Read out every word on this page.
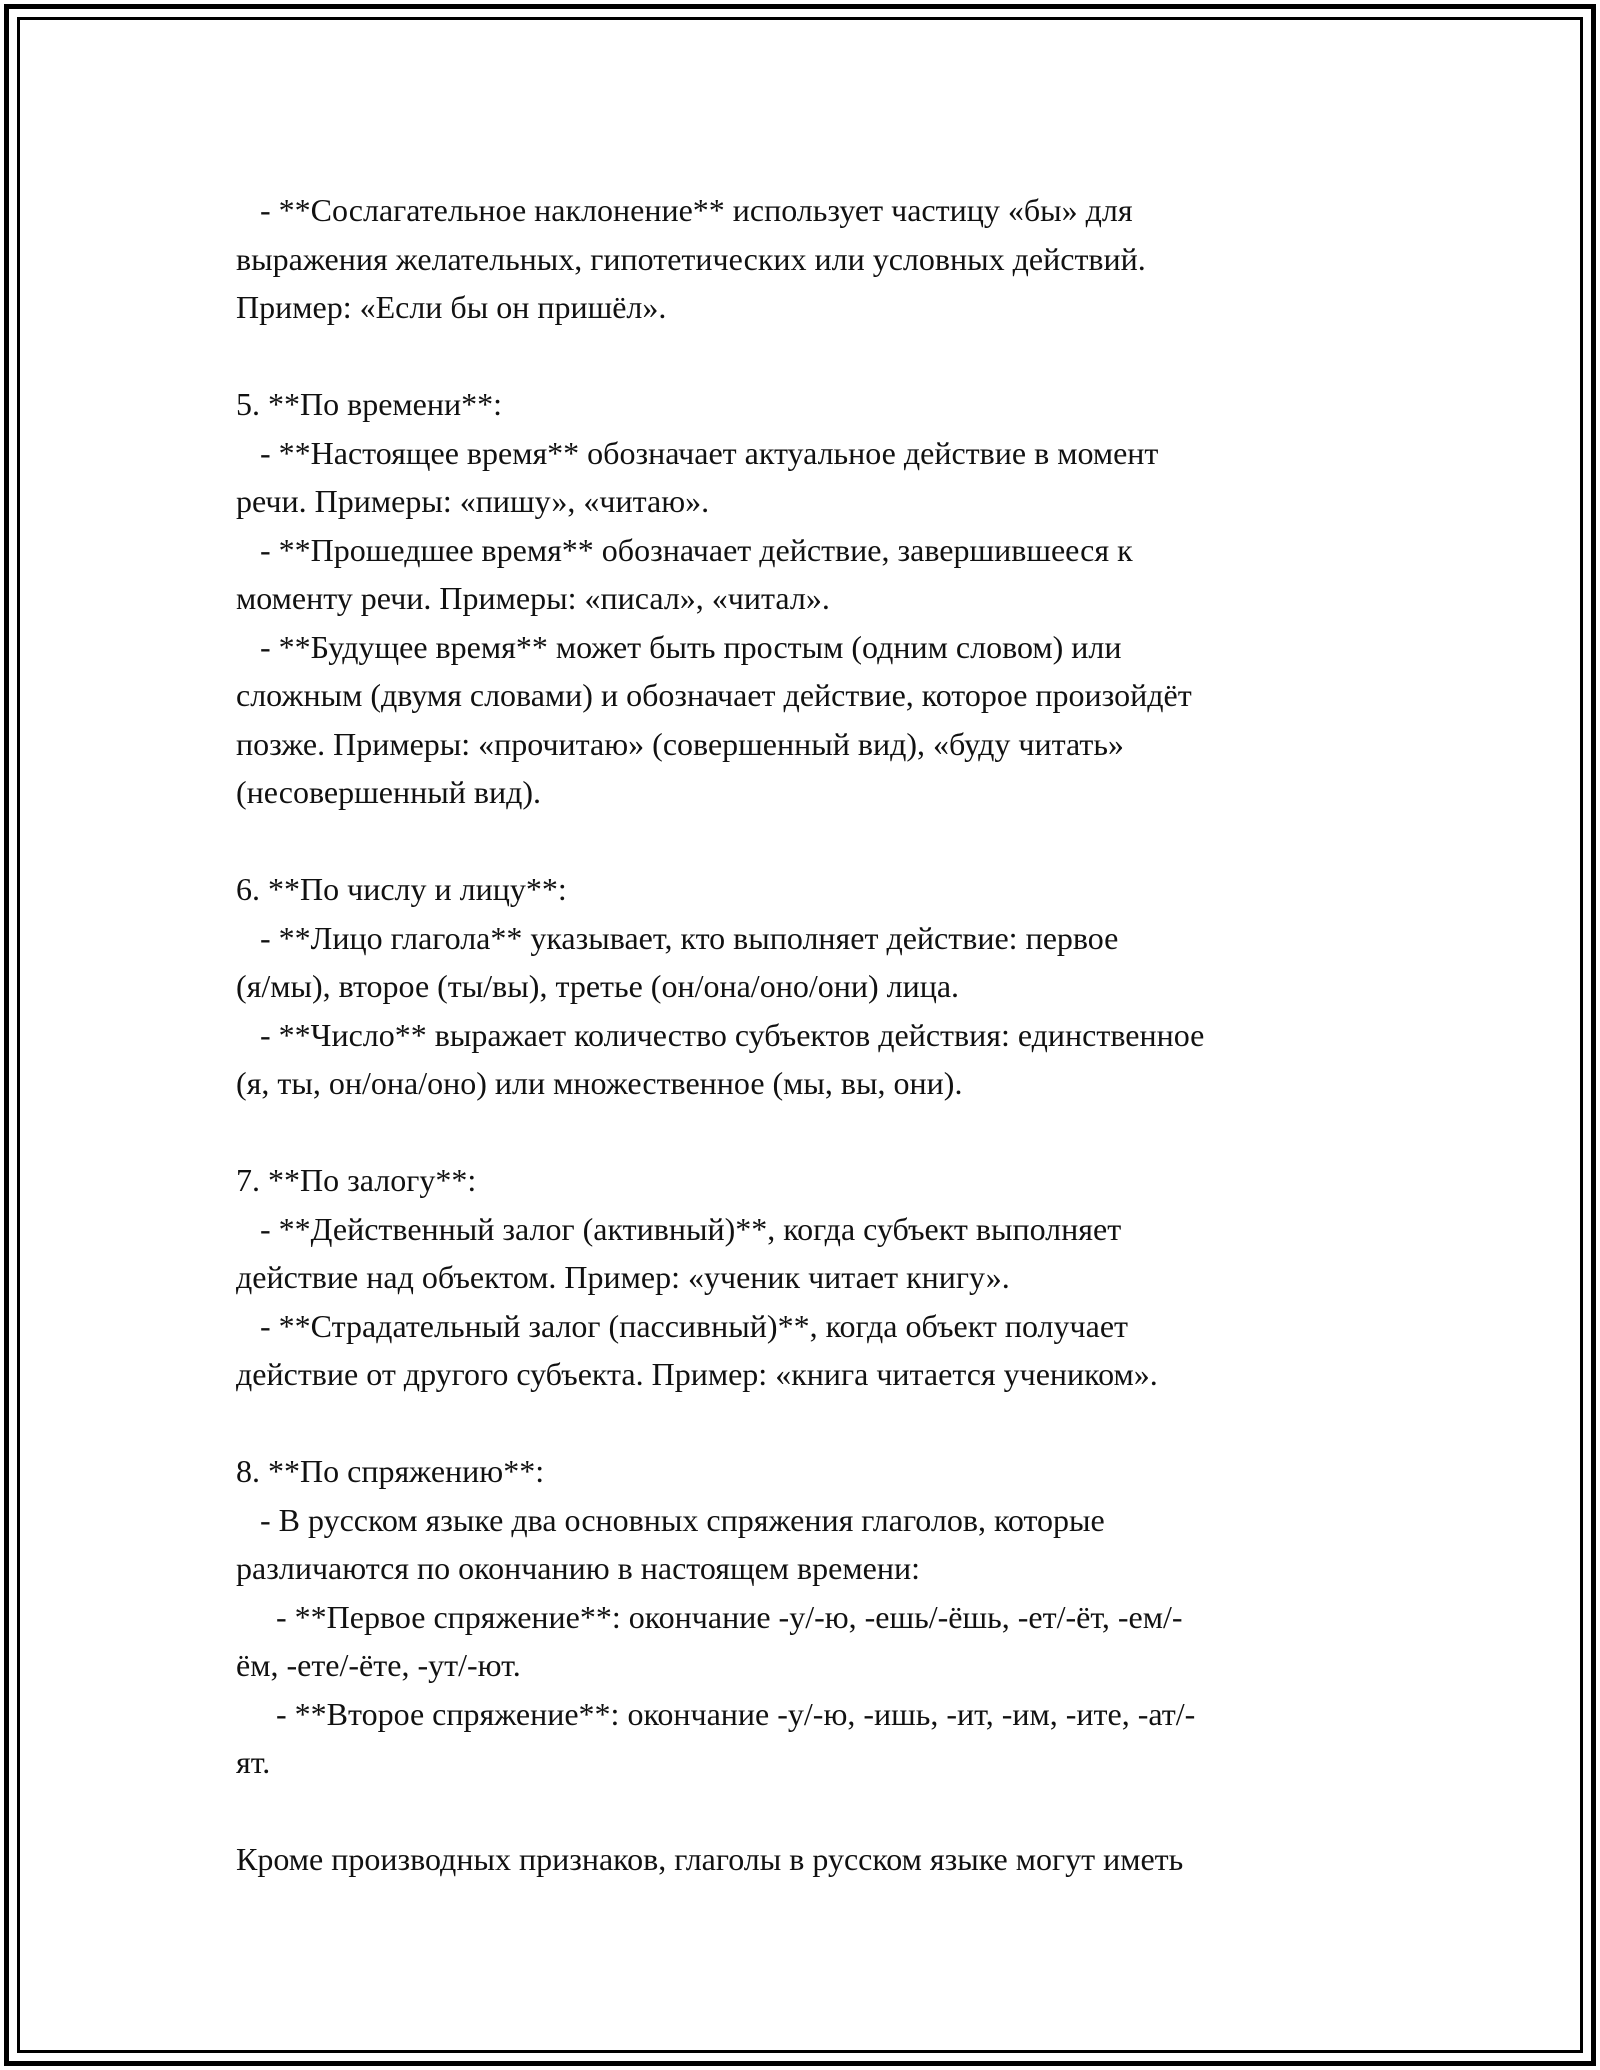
- **Сослагательное наклонение** использует частицу «бы» для
выражения желательных, гипотетических или условных действий.
Пример: «Если бы он пришёл».
5. **По времени**:
- **Настоящее время** обозначает актуальное действие в момент
речи. Примеры: «пишу», «читаю».
- **Прошедшее время** обозначает действие, завершившееся к
моменту речи. Примеры: «писал», «читал».
- **Будущее время** может быть простым (одним словом) или
сложным (двумя словами) и обозначает действие, которое произойдёт
позже. Примеры: «прочитаю» (совершенный вид), «буду читать»
(несовершенный вид).
6. **По числу и лицу**:
- **Лицо глагола** указывает, кто выполняет действие: первое
(я/мы), второе (ты/вы), третье (он/она/оно/они) лица.
- **Число** выражает количество субъектов действия: единственное
(я, ты, он/она/оно) или множественное (мы, вы, они).
7. **По залогу**:
- **Действенный залог (активный)**, когда субъект выполняет
действие над объектом. Пример: «ученик читает книгу».
- **Страдательный залог (пассивный)**, когда объект получает
действие от другого субъекта. Пример: «книга читается учеником».
8. **По спряжению**:
- В русском языке два основных спряжения глаголов, которые
различаются по окончанию в настоящем времени:
- **Первое спряжение**: окончание -у/-ю, -ешь/-ёшь, -ет/-ёт, -ем/-
ём, -ете/-ёте, -ут/-ют.
- **Второе спряжение**: окончание -у/-ю, -ишь, -ит, -им, -ите, -ат/-
ят.
Кроме производных признаков, глаголы в русском языке могут иметь
